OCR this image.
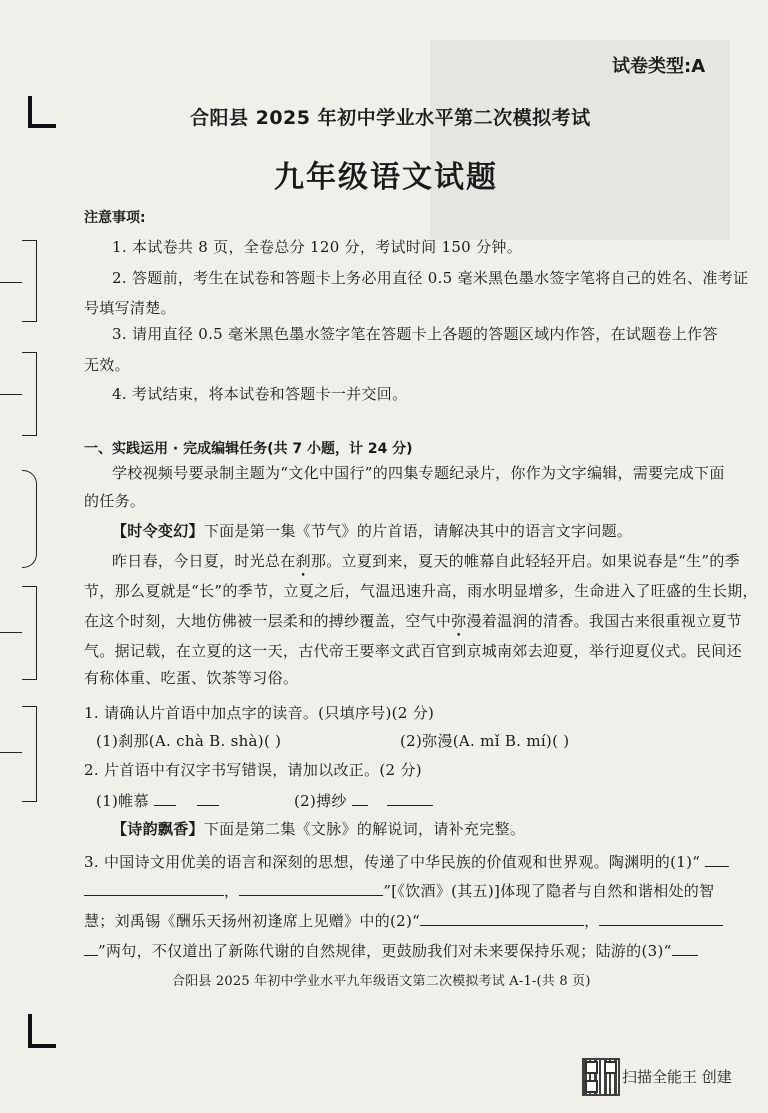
试卷类型:A
合阳县 2025 年初中学业水平第二次模拟考试
九年级语文试题
注意事项:
1. 本试卷共 8 页，全卷总分 120 分，考试时间 150 分钟。
2. 答题前，考生在试卷和答题卡上务必用直径 0.5 毫米黑色墨水签字笔将自己的姓名、准考证
号填写清楚。
3. 请用直径 0.5 毫米黑色墨水签字笔在答题卡上各题的答题区域内作答，在试题卷上作答
无效。
4. 考试结束，将本试卷和答题卡一并交回。
一、实践运用 · 完成编辑任务(共 7 小题，计 24 分)
学校视频号要录制主题为“文化中国行”的四集专题纪录片，你作为文字编辑，需要完成下面
的任务。
【时令变幻】下面是第一集《节气》的片首语，请解决其中的语言文字问题。
昨日春，今日夏，时光总在刹那。立夏到来，夏天的帷幕自此轻轻开启。如果说春是“生”的季
节，那么夏就是“长”的季节，立夏之后，气温迅速升高，雨水明显增多，生命进入了旺盛的生长期，
在这个时刻，大地仿佛被一层柔和的搏纱覆盖，空气中弥漫着温润的清香。我国古来很重视立夏节
气。据记载，在立夏的这一天，古代帝王要率文武百官到京城南郊去迎夏，举行迎夏仪式。民间还
有称体重、吃蛋、饮茶等习俗。
1. 请确认片首语中加点字的读音。(只填序号)(2 分)
(1)刹那(A. chà B. shà)( )	(2)弥漫(A. mǐ B. mí)( )
2. 片首语中有汉字书写错误，请加以改正。(2 分)
(1)帷慕	(2)搏纱
【诗韵飘香】下面是第二集《文脉》的解说词，请补充完整。
3. 中国诗文用优美的语言和深刻的思想，传递了中华民族的价值观和世界观。陶渊明的(1)“
，	”[《饮酒》(其五)]体现了隐者与自然和谐相处的智
慧；刘禹锡《酬乐天扬州初逢席上见赠》中的(2)“	，
”两句，不仅道出了新陈代谢的自然规律，更鼓励我们对未来要保持乐观；陆游的(3)“
合阳县 2025 年初中学业水平九年级语文第二次模拟考试 A-1-(共 8 页)
扫描全能王 创建
